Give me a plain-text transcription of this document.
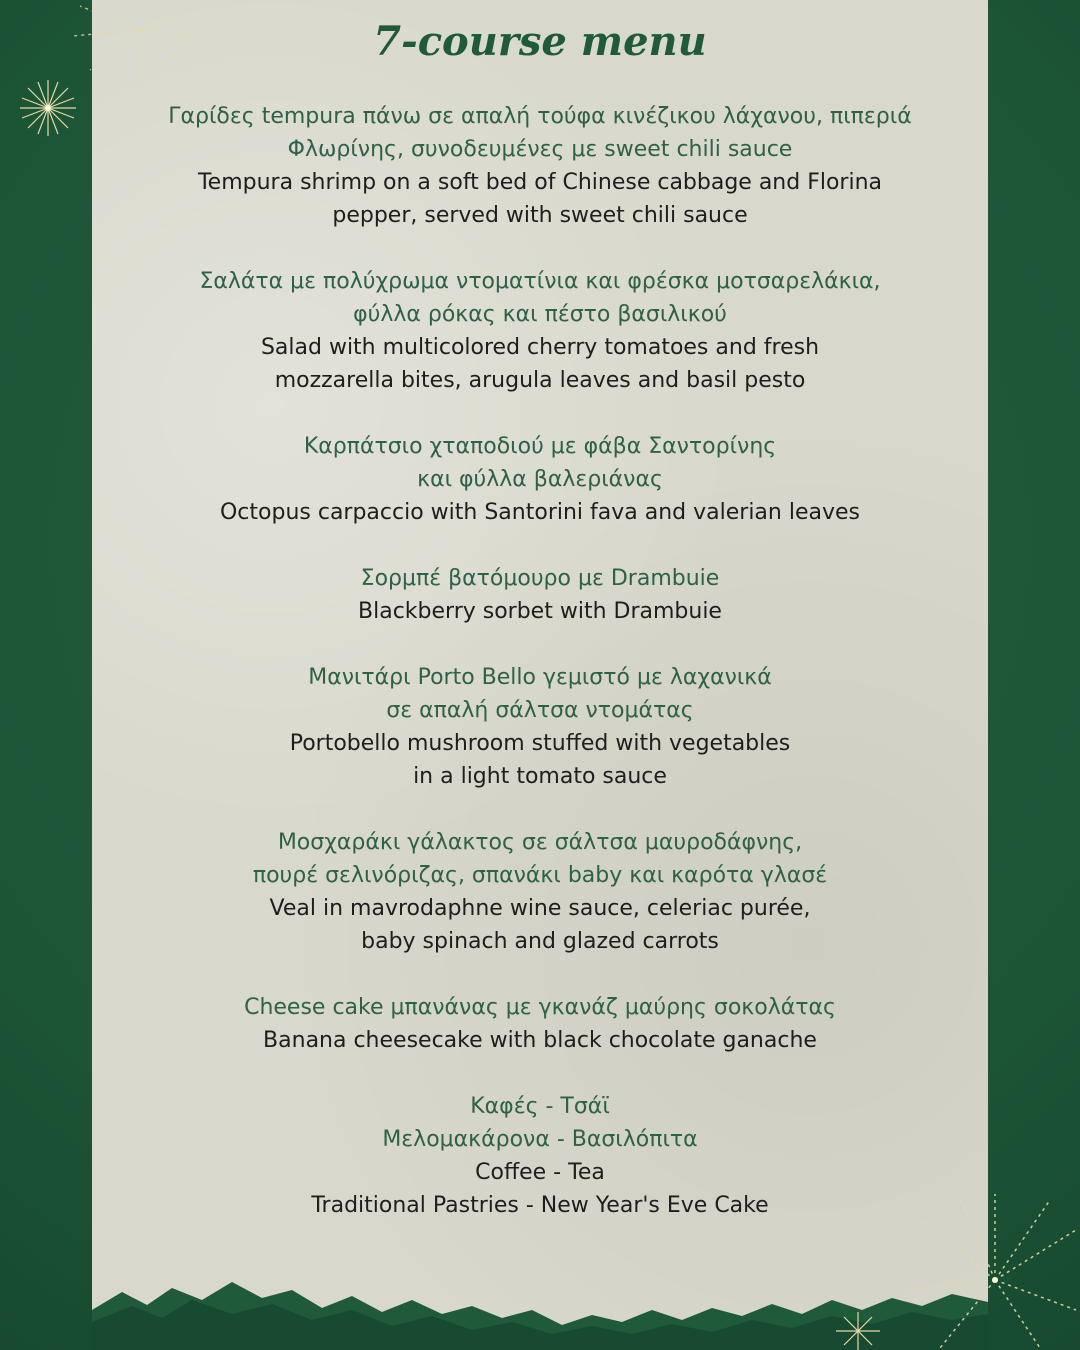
7-course menu
Γαρίδες tempura πάνω σε απαλή τούφα κινέζικου λάχανου, πιπεριά
Φλωρίνης, συνοδευμένες με sweet chili sauce
Tempura shrimp on a soft bed of Chinese cabbage and Florina
pepper, served with sweet chili sauce
Σαλάτα με πολύχρωμα ντοματίνια και φρέσκα μοτσαρελάκια,
φύλλα ρόκας και πέστο βασιλικού
Salad with multicolored cherry tomatoes and fresh
mozzarella bites, arugula leaves and basil pesto
Καρπάτσιο χταποδιού με φάβα Σαντορίνης
και φύλλα βαλεριάνας
Octopus carpaccio with Santorini fava and valerian leaves
Σορμπέ βατόμουρο με Drambuie
Blackberry sorbet with Drambuie
Μανιτάρι Porto Bello γεμιστό με λαχανικά
σε απαλή σάλτσα ντομάτας
Portobello mushroom stuffed with vegetables
in a light tomato sauce
Μοσχαράκι γάλακτος σε σάλτσα μαυροδάφνης,
πουρέ σελινόριζας, σπανάκι baby και καρότα γλασέ
Veal in mavrodaphne wine sauce, celeriac purée,
baby spinach and glazed carrots
Cheese cake μπανάνας με γκανάζ μαύρης σοκολάτας
Banana cheesecake with black chocolate ganache
Καφές - Τσάϊ
Μελομακάρονα - Βασιλόπιτα
Coffee - Tea
Traditional Pastries - New Year's Eve Cake
